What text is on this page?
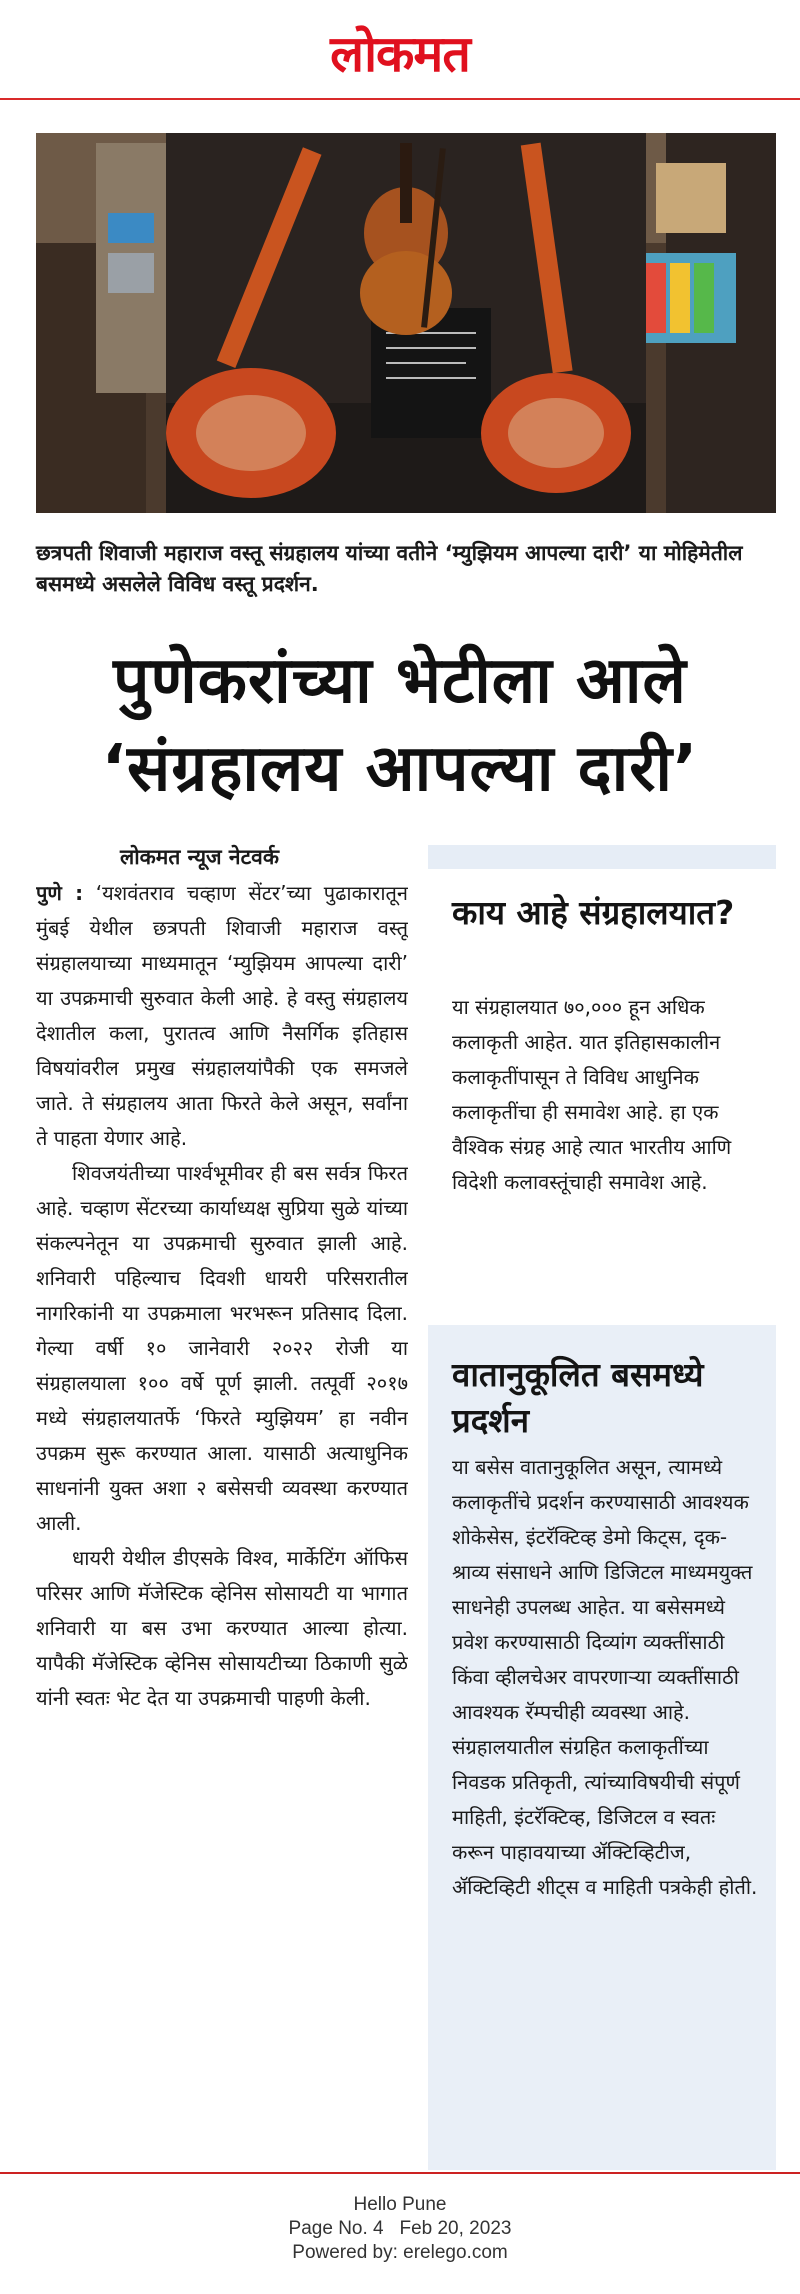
लोकमत
छत्रपती शिवाजी महाराज वस्तू संग्रहालय यांच्या वतीने ‘म्युझियम आपल्या दारी’ या मोहिमेतील बसमध्ये असलेले विविध वस्तू प्रदर्शन.
पुणेकरांच्या भेटीला आले
‘संग्रहालय आपल्या दारी’
लोकमत न्यूज नेटवर्क

पुणे : ‘यशवंतराव चव्हाण सेंटर’च्या पुढाकारातून मुंबई येथील छत्रपती शिवाजी महाराज वस्तू संग्रहालयाच्या माध्यमातून ‘म्युझियम आपल्या दारी’ या उपक्रमाची सुरुवात केली आहे. हे वस्तु संग्रहालय देशातील कला, पुरातत्व आणि नैसर्गिक इतिहास विषयांवरील प्रमुख संग्रहालयांपैकी एक समजले जाते. ते संग्रहालय आता फिरते केले असून, सर्वांना ते पाहता येणार आहे.

शिवजयंतीच्या पार्श्वभूमीवर ही बस सर्वत्र फिरत आहे. चव्हाण सेंटरच्या कार्याध्यक्ष सुप्रिया सुळे यांच्या संकल्पनेतून या उपक्रमाची सुरुवात झाली आहे. शनिवारी पहिल्याच दिवशी धायरी परिसरातील नागरिकांनी या उपक्रमाला भरभरून प्रतिसाद दिला. गेल्या वर्षी १० जानेवारी २०२२ रोजी या संग्रहालयाला १०० वर्षे पूर्ण झाली. तत्पूर्वी २०१७ मध्ये संग्रहालयातर्फे ‘फिरते म्युझियम’ हा नवीन उपक्रम सुरू करण्यात आला. यासाठी अत्याधुनिक साधनांनी युक्त अशा २ बसेसची व्यवस्था करण्यात आली.

धायरी येथील डीएसके विश्व, मार्केटिंग ऑफिस परिसर आणि मॅजेस्टिक व्हेनिस सोसायटी या भागात शनिवारी या बस उभा करण्यात आल्या होत्या. यापैकी मॅजेस्टिक व्हेनिस सोसायटीच्या ठिकाणी सुळे यांनी स्वतः भेट देत या उपक्रमाची पाहणी केली.

काय आहे संग्रहालयात?
या संग्रहालयात ७०,००० हून अधिक कलाकृती आहेत. यात इतिहासकालीन कलाकृतींपासून ते विविध आधुनिक कलाकृतींचा ही समावेश आहे. हा एक वैश्विक संग्रह आहे त्यात भारतीय आणि विदेशी कलावस्तूंचाही समावेश आहे.
वातानुकूलित बसमध्ये प्रदर्शन
या बसेस वातानुकूलित असून, त्यामध्ये कलाकृतींचे प्रदर्शन करण्यासाठी आवश्यक शोकेसेस, इंटरॅक्टिव्ह डेमो किट्स, दृक-श्राव्य संसाधने आणि डिजिटल माध्यमयुक्त साधनेही उपलब्ध आहेत. या बसेसमध्ये प्रवेश करण्यासाठी दिव्यांग व्यक्तींसाठी किंवा व्हीलचेअर वापरणाऱ्या व्यक्तींसाठी आवश्यक रॅम्पचीही व्यवस्था आहे. संग्रहालयातील संग्रहित कलाकृतींच्या निवडक प्रतिकृती, त्यांच्याविषयीची संपूर्ण माहिती, इंटरॅक्टिव्ह, डिजिटल व स्वतः करून पाहावयाच्या ॲक्टिव्हिटीज, ॲक्टिव्हिटी शीट्स व माहिती पत्रकेही होती.
Hello Pune
Page No. 4 Feb 20, 2023
Powered by: erelego.com
